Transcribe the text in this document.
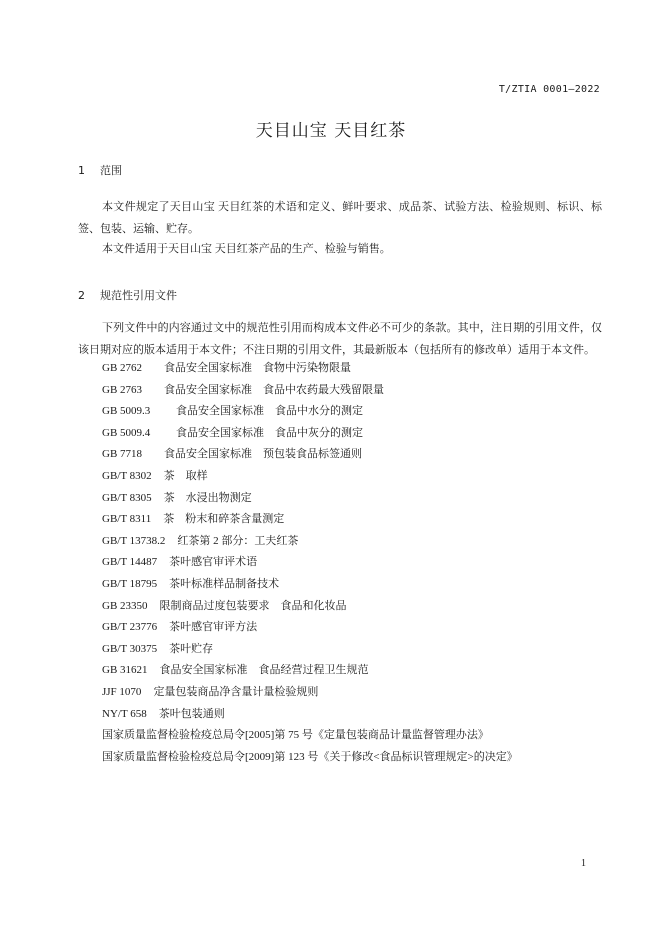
T/ZTIA 0001—2022
天目山宝 天目红茶
1 范围
本文件规定了天目山宝 天目红茶的术语和定义、鲜叶要求、成品茶、试验方法、检验规则、标识、标签、包装、运输、贮存。
本文件适用于天目山宝 天目红茶产品的生产、检验与销售。
2 规范性引用文件
下列文件中的内容通过文中的规范性引用而构成本文件必不可少的条款。其中，注日期的引用文件，仅该日期对应的版本适用于本文件；不注日期的引用文件，其最新版本（包括所有的修改单）适用于本文件。
GB 2762 食品安全国家标准　食物中污染物限量
GB 2763 食品安全国家标准　食品中农药最大残留限量
GB 5009.3 食品安全国家标准　食品中水分的测定
GB 5009.4 食品安全国家标准　食品中灰分的测定
GB 7718 食品安全国家标准　预包装食品标签通则
GB/T 8302 茶　取样
GB/T 8305 茶　水浸出物测定
GB/T 8311 茶　粉末和碎茶含量测定
GB/T 13738.2 红茶第 2 部分：工夫红茶
GB/T 14487 茶叶感官审评术语
GB/T 18795 茶叶标准样品制备技术
GB 23350 限制商品过度包装要求　食品和化妆品
GB/T 23776 茶叶感官审评方法
GB/T 30375 茶叶贮存
GB 31621 食品安全国家标准　食品经营过程卫生规范
JJF 1070 定量包装商品净含量计量检验规则
NY/T 658 茶叶包装通则
国家质量监督检验检疫总局令[2005]第 75 号《定量包装商品计量监督管理办法》
国家质量监督检验检疫总局令[2009]第 123 号《关于修改<食品标识管理规定>的决定》
1
